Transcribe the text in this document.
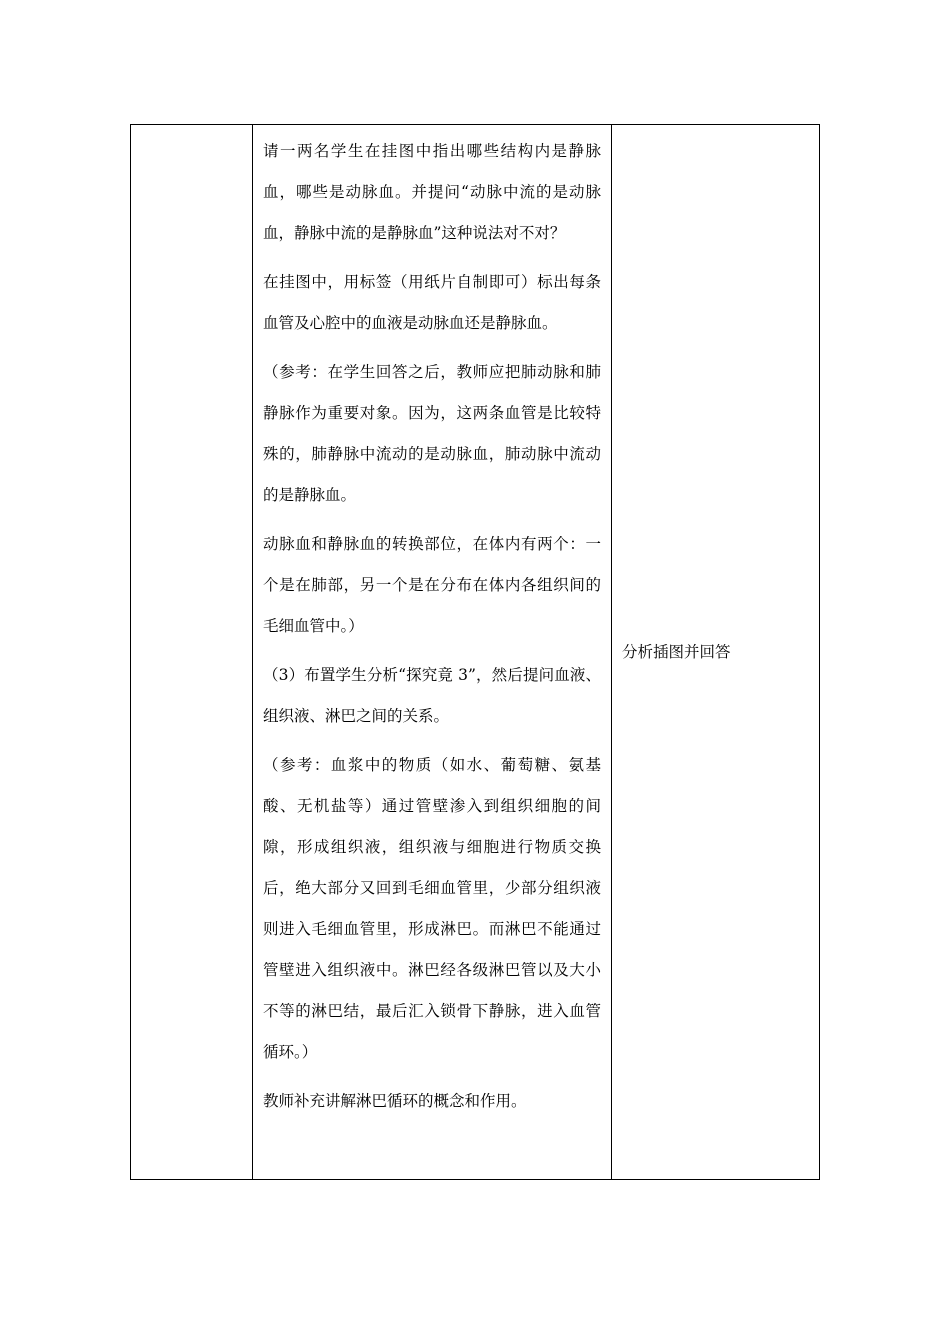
请一两名学生在挂图中指出哪些结构内是静脉血，哪些是动脉血。并提问“动脉中流的是动脉血，静脉中流的是静脉血”这种说法对不对？

在挂图中，用标签（用纸片自制即可）标出每条血管及心腔中的血液是动脉血还是静脉血。

（参考：在学生回答之后，教师应把肺动脉和肺静脉作为重要对象。因为，这两条血管是比较特殊的，肺静脉中流动的是动脉血，肺动脉中流动的是静脉血。

动脉血和静脉血的转换部位，在体内有两个：一个是在肺部，另一个是在分布在体内各组织间的毛细血管中。）

（3）布置学生分析“探究竟 3”，然后提问血液、组织液、淋巴之间的关系。

（参考：血浆中的物质（如水、葡萄糖、氨基酸、无机盐等）通过管壁渗入到组织细胞的间隙，形成组织液，组织液与细胞进行物质交换后，绝大部分又回到毛细血管里，少部分组织液则进入毛细血管里，形成淋巴。而淋巴不能通过管壁进入组织液中。淋巴经各级淋巴管以及大小不等的淋巴结，最后汇入锁骨下静脉，进入血管循环。）

教师补充讲解淋巴循环的概念和作用。

分析插图并回答
